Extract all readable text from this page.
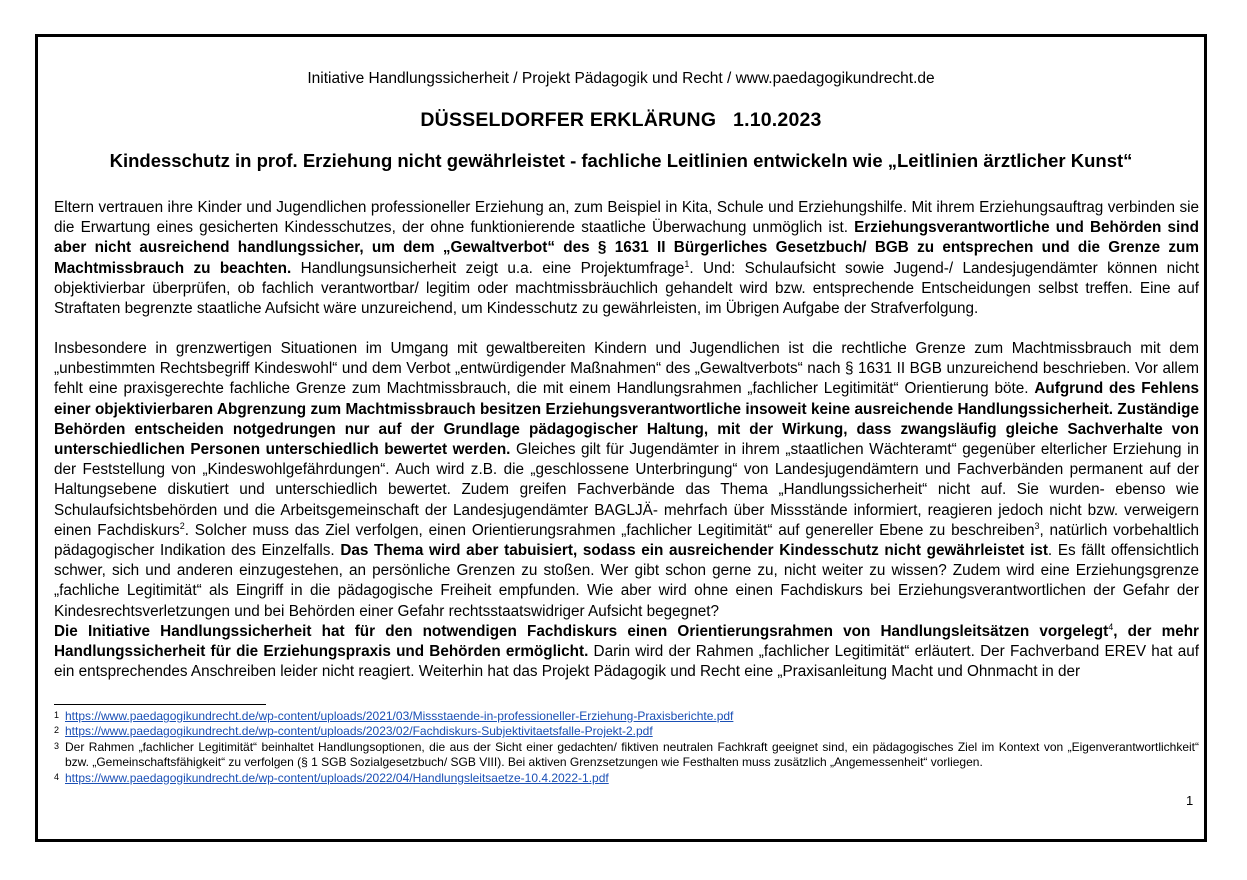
Initiative Handlungssicherheit / Projekt Pädagogik und Recht / www.paedagogikundrecht.de
DÜSSELDORFER ERKLÄRUNG   1.10.2023
Kindesschutz in prof. Erziehung nicht gewährleistet - fachliche Leitlinien entwickeln wie „Leitlinien ärztlicher Kunst“

Eltern vertrauen ihre Kinder und Jugendlichen professioneller Erziehung an, zum Beispiel in Kita, Schule und Erziehungshilfe. Mit ihrem Erziehungsauftrag verbinden sie die Erwartung eines gesicherten Kindesschutzes, der ohne funktionierende staatliche Überwachung unmöglich ist. Erziehungsverantwortliche und Behörden sind aber nicht ausreichend handlungssicher, um dem „Gewaltverbot“ des § 1631 II Bürgerliches Gesetzbuch/ BGB zu entsprechen und die Grenze zum Machtmissbrauch zu beachten. Handlungsunsicherheit zeigt u.a. eine Projektumfrage$^1$. Und: Schulaufsicht sowie Jugend-/ Landesjugendämter können nicht objektivierbar überprüfen, ob fachlich verantwortbar/ legitim oder machtmissbräuchlich gehandelt wird bzw. entsprechende Entscheidungen selbst treffen. Eine auf Straftaten begrenzte staatliche Aufsicht wäre unzureichend, um Kindesschutz zu gewährleisten, im Übrigen Aufgabe der Strafverfolgung.

Insbesondere in grenzwertigen Situationen im Umgang mit gewaltbereiten Kindern und Jugendlichen ist die rechtliche Grenze zum Machtmissbrauch mit dem „unbestimmten Rechtsbegriff Kindeswohl“ und dem Verbot „entwürdigender Maßnahmen“ des „Gewaltverbots“ nach § 1631 II BGB unzureichend beschrieben. Vor allem fehlt eine praxisgerechte fachliche Grenze zum Machtmissbrauch, die mit einem Handlungsrahmen „fachlicher Legitimität“ Orientierung böte. Aufgrund des Fehlens einer objektivierbaren Abgrenzung zum Machtmissbrauch besitzen Erziehungsverantwortliche insoweit keine ausreichende Handlungssicherheit. Zuständige Behörden entscheiden notgedrungen nur auf der Grundlage pädagogischer Haltung, mit der Wirkung, dass zwangsläufig gleiche Sachverhalte von unterschiedlichen Personen unterschiedlich bewertet werden. Gleiches gilt für Jugendämter in ihrem „staatlichen Wächteramt“ gegenüber elterlicher Erziehung in der Feststellung von „Kindeswohlgefährdungen“. Auch wird z.B. die „geschlossene Unterbringung“ von Landesjugendämtern und Fachverbänden permanent auf der Haltungsebene diskutiert und unterschiedlich bewertet. Zudem greifen Fachverbände das Thema „Handlungssicherheit“ nicht auf. Sie wurden- ebenso wie Schulaufsichtsbehörden und die Arbeitsgemeinschaft der Landesjugendämter BAGLJÄ- mehrfach über Missstände informiert, reagieren jedoch nicht bzw. verweigern einen Fachdiskurs$^2$. Solcher muss das Ziel verfolgen, einen Orientierungsrahmen „fachlicher Legitimität“ auf genereller Ebene zu beschreiben$^3$, natürlich vorbehaltlich pädagogischer Indikation des Einzelfalls. Das Thema wird aber tabuisiert, sodass ein ausreichender Kindesschutz nicht gewährleistet ist. Es fällt offensichtlich schwer, sich und anderen einzugestehen, an persönliche Grenzen zu stoßen. Wer gibt schon gerne zu, nicht weiter zu wissen? Zudem wird eine Erziehungsgrenze „fachliche Legitimität“ als Eingriff in die pädagogische Freiheit empfunden. Wie aber wird ohne einen Fachdiskurs bei Erziehungsverantwortlichen der Gefahr der Kindesrechtsverletzungen und bei Behörden einer Gefahr rechtsstaatswidriger Aufsicht begegnet?

Die Initiative Handlungssicherheit hat für den notwendigen Fachdiskurs einen Orientierungsrahmen von Handlungsleitsätzen vorgelegt$^4$, der mehr Handlungssicherheit für die Erziehungspraxis und Behörden ermöglicht. Darin wird der Rahmen „fachlicher Legitimität“ erläutert. Der Fachverband EREV hat auf ein entsprechendes Anschreiben leider nicht reagiert. Weiterhin hat das Projekt Pädagogik und Recht eine „Praxisanleitung Macht und Ohnmacht in der

1 https://www.paedagogikundrecht.de/wp-content/uploads/2021/03/Missstaende-in-professioneller-Erziehung-Praxisberichte.pdf
2 https://www.paedagogikundrecht.de/wp-content/uploads/2023/02/Fachdiskurs-Subjektivitaetsfalle-Projekt-2.pdf
3 Der Rahmen „fachlicher Legitimität“ beinhaltet Handlungsoptionen, die aus der Sicht einer gedachten/ fiktiven neutralen Fachkraft geeignet sind, ein pädagogisches Ziel im Kontext von „Eigenverantwortlichkeit“ bzw. „Gemeinschaftsfähigkeit“ zu verfolgen (§ 1 SGB Sozialgesetzbuch/ SGB VIII). Bei aktiven Grenzsetzungen wie Festhalten muss zusätzlich „Angemessenheit“ vorliegen.
4 https://www.paedagogikundrecht.de/wp-content/uploads/2022/04/Handlungsleitsaetze-10.4.2022-1.pdf
1
